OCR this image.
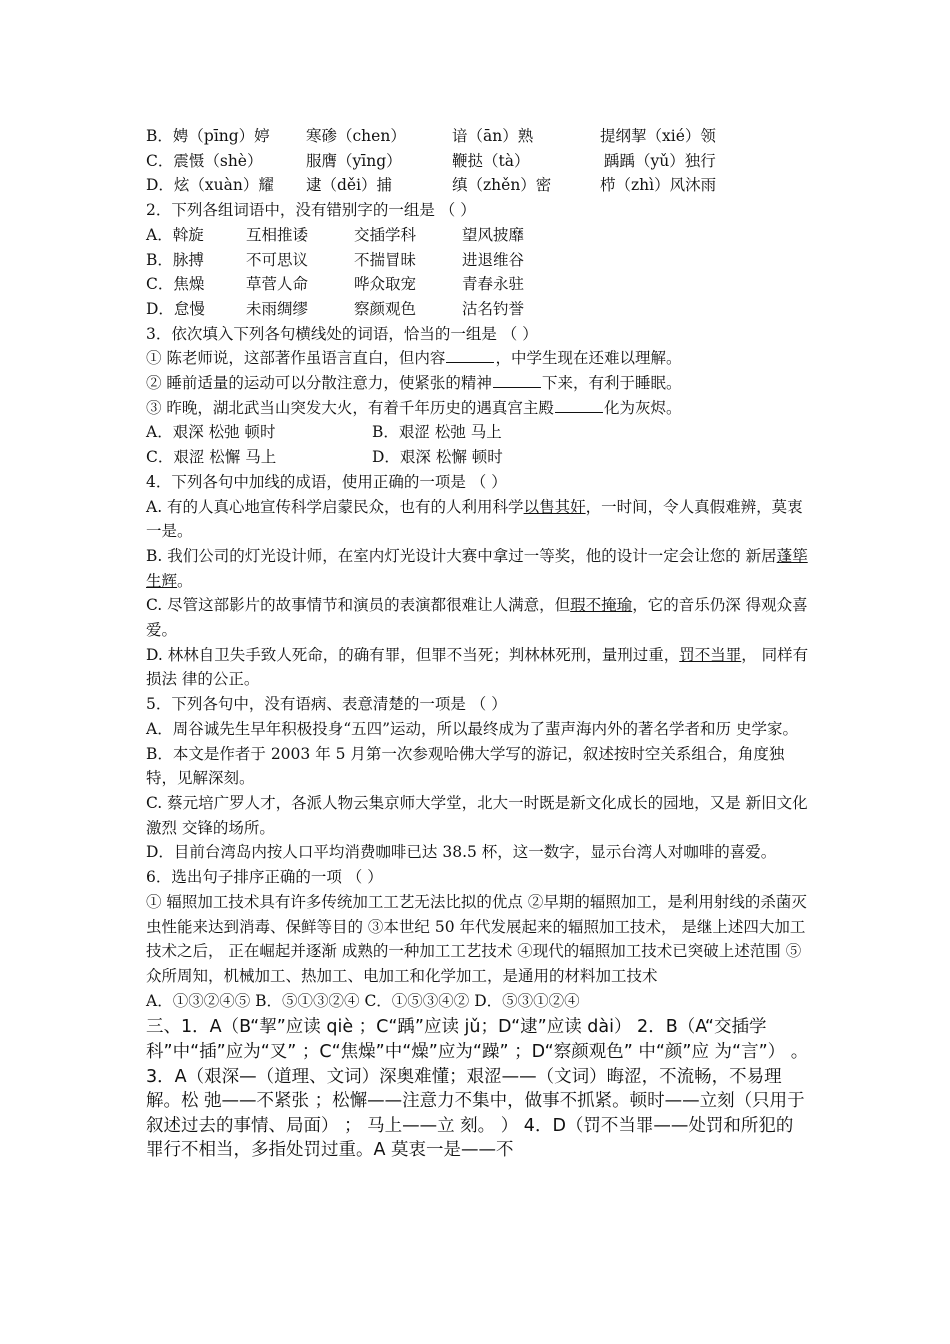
B．娉（pīng）婷	寒碜（chen）	谙（ān）熟	提纲挈（xié）领
C．震慑（shè）	服膺（yīng）	鞭挞（tà）	踽踽（yǔ）独行
D．炫（xuàn）耀	逮（děi）捕	缜（zhěn）密	栉（zhì）风沐雨
2．下列各组词语中，没有错别字的一组是 （ ）
A．斡旋	互相推诿	交插学科	望风披靡
B．脉搏	不可思议	不揣冒昧	进退维谷
C．焦燥	草菅人命	哗众取宠	青春永驻
D．怠慢	未雨绸缪	察颜观色	沽名钓誉
3．依次填入下列各句横线处的词语，恰当的一组是 （ ）
① 陈老师说，这部著作虽语言直白，但内容	，中学生现在还难以理解。
② 睡前适量的运动可以分散注意力，使紧张的精神	下来，有利于睡眠。
③ 昨晚，湖北武当山突发大火，有着千年历史的遇真宫主殿	化为灰烬。
A．艰深 松弛 顿时	B．艰涩 松弛 马上
C．艰涩 松懈 马上	D．艰深 松懈 顿时
4．下列各句中加线的成语，使用正确的一项是 （ ）
A. 有的人真心地宣传科学启蒙民众，也有的人利用科学以售其奸，一时间，令人真假难辨，莫衷一是。
B. 我们公司的灯光设计师，在室内灯光设计大赛中拿过一等奖，他的设计一定会让您的 新居蓬筚生辉。
C. 尽管这部影片的故事情节和演员的表演都很难让人满意，但瑕不掩瑜，它的音乐仍深 得观众喜爱。
D. 林林自卫失手致人死命，的确有罪，但罪不当死；判林林死刑，量刑过重，罚不当罪， 同样有损法 律的公正。
5．下列各句中，没有语病、表意清楚的一项是 （ ）
A．周谷诚先生早年积极投身“五四”运动，所以最终成为了蜚声海内外的著名学者和历 史学家。
B．本文是作者于 2003 年 5 月第一次参观哈佛大学写的游记，叙述按时空关系组合，角度独特，见解深刻。
C. 蔡元培广罗人才，各派人物云集京师大学堂，北大一时既是新文化成长的园地，又是 新旧文化激烈 交锋的场所。
D．目前台湾岛内按人口平均消费咖啡已达 38.5 杯，这一数字，显示台湾人对咖啡的喜爱。
6．选出句子排序正确的一项 （ ）
① 辐照加工技术具有许多传统加工工艺无法比拟的优点 ②早期的辐照加工，是利用射线的杀菌灭虫性能来达到消毒、保鲜等目的 ③本世纪 50 年代发展起来的辐照加工技术， 是继上述四大加工技术之后， 正在崛起并逐渐 成熟的一种加工工艺技术 ④现代的辐照加工技术已突破上述范围 ⑤众所周知，机械加工、热加工、电加工和化学加工，是通用的材料加工技术
A．①③②④⑤ B．⑤①③②④ C．①⑤③④② D．⑤③①②④
三、1．A（B“挈”应读 qiè ；C“踽”应读 jǔ；D“逮”应读 dài） 2．B（A“交插学科”中“插”应为“叉” ；C“焦燥”中“燥”应为“躁” ；D“察颜观色” 中“颜”应 为“言”） 。 3．A（艰深—（道理、文词）深奥难懂；艰涩——（文词）晦涩，不流畅，不易理解。松 弛——不紧张 ；松懈——注意力不集中，做事不抓紧。顿时——立刻（只用于叙述过去的事情、局面） ； 马上——立 刻。 ） 4．D（罚不当罪——处罚和所犯的罪行不相当，多指处罚过重。A 莫衷一是——不
